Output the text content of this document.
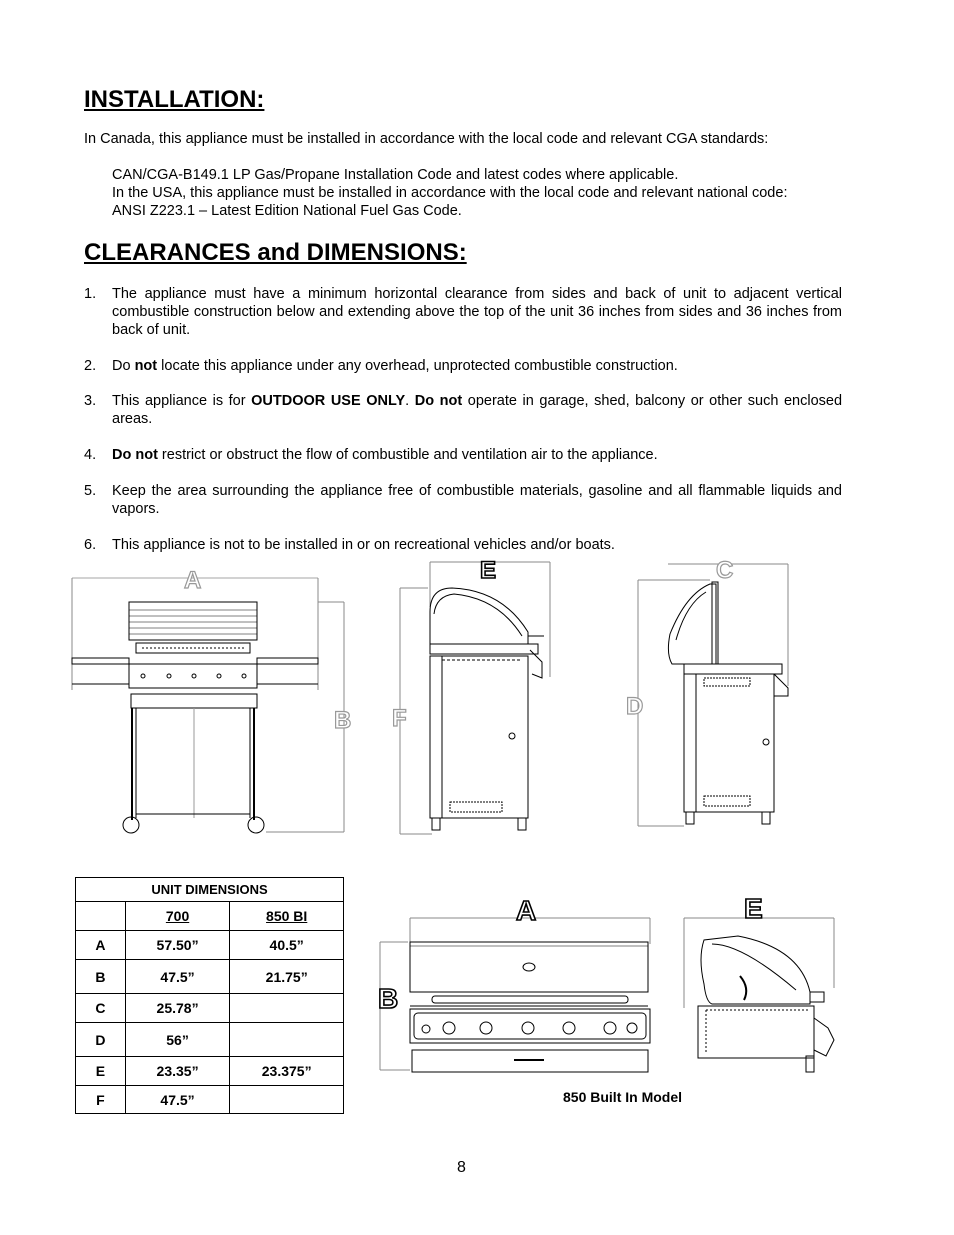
INSTALLATION:

In Canada, this appliance must be installed in accordance with the local code and relevant CGA standards:

CAN/CGA-B149.1 LP Gas/Propane Installation Code and latest codes where applicable.

In the USA, this appliance must be installed in accordance with the local code and relevant national code:

ANSI Z223.1 – Latest Edition National Fuel Gas Code.

CLEARANCES and DIMENSIONS:
1. The appliance must have a minimum horizontal clearance from sides and back of unit to adjacent vertical combustible construction below and extending above the top of the unit 36 inches from sides and 36 inches from back of unit.

2. Do not locate this appliance under any overhead, unprotected combustible construction.

3. This appliance is for OUTDOOR USE ONLY. Do not operate in garage, shed, balcony or other such enclosed areas.

4. Do not restrict or obstruct the flow of combustible and ventilation air to the appliance.

5. Keep the area surrounding the appliance free of combustible materials, gasoline and all flammable liquids and vapors.

6. This appliance is not to be installed in or on recreational vehicles and/or boats.

A
B
E
F
C
D
UNIT DIMENSIONS		
	700	850 BI
A	57.50”	40.5”
B	47.5”	21.75”
C	25.78”	
D	56”	
E	23.35”	23.375”
F	47.5”	
A
B
E
850 Built In Model
8
